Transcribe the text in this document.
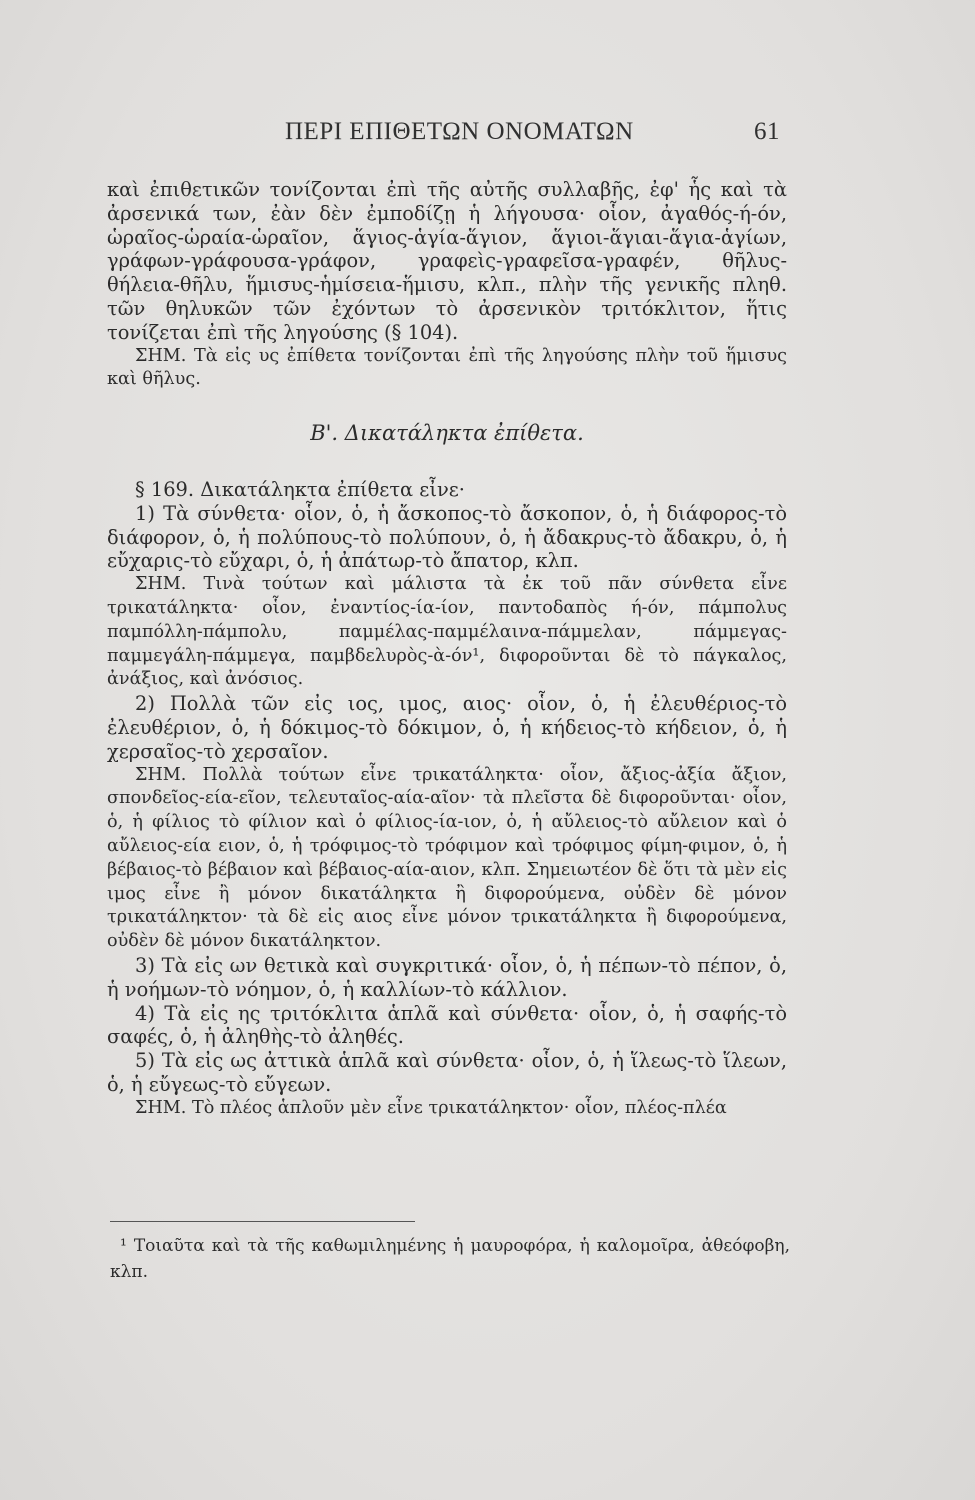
ΠΕΡΙ ΕΠΙΘΕΤΩΝ ΟΝΟΜΑΤΩΝ	61

καὶ ἐπιθετικῶν τονίζονται ἐπὶ τῆς αὐτῆς συλλαβῆς, ἐφ' ἧς καὶ τὰ ἀρσενικά των, ἐὰν δὲν ἐμποδίζῃ ἡ λήγουσα· οἷον, ἀγαθός-ή-όν, ὡραῖος-ὡραία-ὡραῖον, ἅγιος-ἁγία-ἅγιον, ἅγιοι-ἅγιαι-ἅγια-ἁγίων, γράφων-γράφουσα-γράφον, γραφεὶς-γραφεῖσα-γραφέν, θῆλυς-θήλεια-θῆλυ, ἥμισυς-ἡμίσεια-ἥμισυ, κλπ., πλὴν τῆς γενικῆς πληθ. τῶν θηλυκῶν τῶν ἐχόντων τὸ ἀρσενικὸν τριτόκλιτον, ἥτις τονίζεται ἐπὶ τῆς ληγούσης (§ 104).

ΣΗΜ. Τὰ εἰς υς ἐπίθετα τονίζονται ἐπὶ τῆς ληγούσης πλὴν τοῦ ἥμισυς καὶ θῆλυς.

Β'. Δικατάληκτα ἐπίθετα.

§ 169. Δικατάληκτα ἐπίθετα εἶνε·

1) Τὰ σύνθετα· οἷον, ὁ, ἡ ἄσκοπος-τὸ ἄσκοπον, ὁ, ἡ διάφορος-τὸ διάφορον, ὁ, ἡ πολύπους-τὸ πολύπουν, ὁ, ἡ ἄδακρυς-τὸ ἄδακρυ, ὁ, ἡ εὔχαρις-τὸ εὔχαρι, ὁ, ἡ ἀπάτωρ-τὸ ἄπατορ, κλπ.

ΣΗΜ. Τινὰ τούτων καὶ μάλιστα τὰ ἐκ τοῦ πᾶν σύνθετα εἶνε τρικατάληκτα· οἷον, ἐναντίος-ία-ίον, παντοδαπὸς ή-όν, πάμπολυς παμπόλλη-πάμπολυ, παμμέλας-παμμέλαινα-πάμμελαν, πάμμεγας-παμμεγάλη-πάμμεγα, παμβδελυρὸς-ὰ-όν¹, διφοροῦνται δὲ τὸ πάγκαλος, ἀνάξιος, καὶ ἀνόσιος.

2) Πολλὰ τῶν εἰς ιος, ιμος, αιος· οἷον, ὁ, ἡ ἐλευθέριος-τὸ ἐλευθέριον, ὁ, ἡ δόκιμος-τὸ δόκιμον, ὁ, ἡ κήδειος-τὸ κήδειον, ὁ, ἡ χερσαῖος-τὸ χερσαῖον.

ΣΗΜ. Πολλὰ τούτων εἶνε τρικατάληκτα· οἷον, ἄξιος-ἀξία ἄξιον, σπονδεῖος-εία-εῖον, τελευταῖος-αία-αῖον· τὰ πλεῖστα δὲ διφοροῦνται· οἷον, ὁ, ἡ φίλιος τὸ φίλιον καὶ ὁ φίλιος-ία-ιον, ὁ, ἡ αὔλειος-τὸ αὔλειον καὶ ὁ αὔλειος-εία ειον, ὁ, ἡ τρόφιμος-τὸ τρόφιμον καὶ τρόφιμος φίμη-φιμον, ὁ, ἡ βέβαιος-τὸ βέβαιον καὶ βέβαιος-αία-αιον, κλπ. Σημειωτέον δὲ ὅτι τὰ μὲν εἰς ιμος εἶνε ἢ μόνον δικατάληκτα ἢ διφορούμενα, οὐδὲν δὲ μόνον τρικατάληκτον· τὰ δὲ εἰς αιος εἶνε μόνον τρικατάληκτα ἢ διφορούμενα, οὐδὲν δὲ μόνον δικατάληκτον.

3) Τὰ εἰς ων θετικὰ καὶ συγκριτικά· οἷον, ὁ, ἡ πέπων-τὸ πέπον, ὁ, ἡ νοήμων-τὸ νόημον, ὁ, ἡ καλλίων-τὸ κάλλιον.

4) Τὰ εἰς ης τριτόκλιτα ἁπλᾶ καὶ σύνθετα· οἷον, ὁ, ἡ σαφής-τὸ σαφές, ὁ, ἡ ἀληθὴς-τὸ ἀληθές.

5) Τὰ εἰς ως ἀττικὰ ἁπλᾶ καὶ σύνθετα· οἷον, ὁ, ἡ ἵλεως-τὸ ἵλεων, ὁ, ἡ εὔγεως-τὸ εὔγεων.

ΣΗΜ. Τὸ πλέος ἁπλοῦν μὲν εἶνε τρικατάληκτον· οἷον, πλέος-πλέα

¹ Τοιαῦτα καὶ τὰ τῆς καθωμιλημένης ἡ μαυροφόρα, ἡ καλομοῖρα, ἀθεόφοβη, κλπ.
